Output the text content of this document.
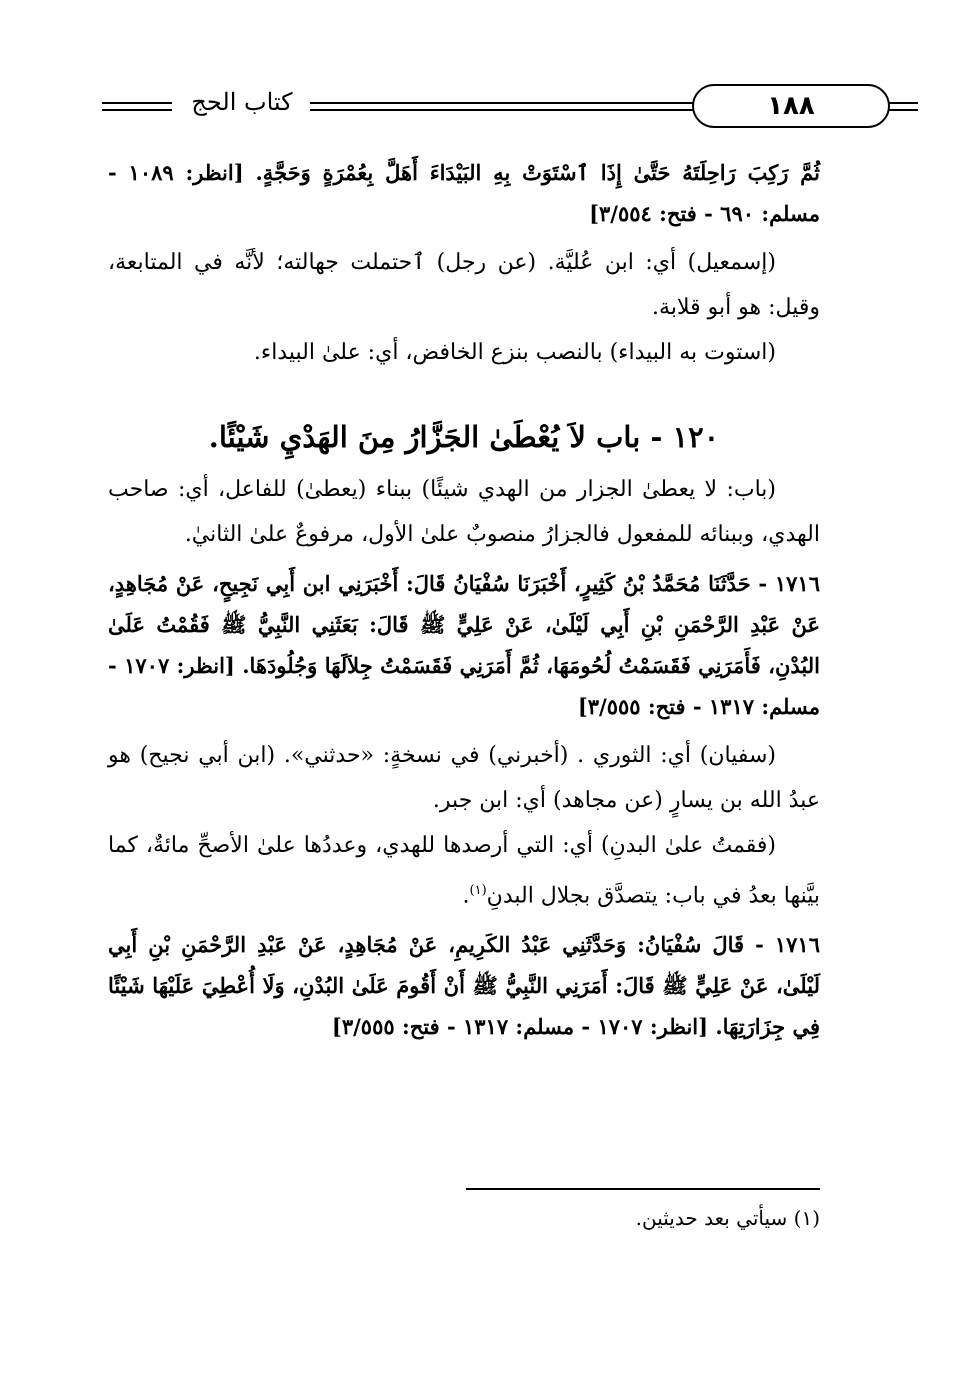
كتاب الحج	١٨٨

ثُمَّ رَكِبَ رَاحِلَتَهُ حَتَّىٰ إِذَا ٱسْتَوَتْ بِهِ البَيْدَاءَ أَهَلَّ بِعُمْرَةٍ وَحَجَّةٍ. [انظر: ١٠٨٩ - مسلم: ٦٩٠ - فتح: ٣/٥٥٤]

(إسمعيل) أي: ابن عُليَّة. (عن رجل) ٱحتملت جهالته؛ لأنَّه في المتابعة، وقيل: هو أبو قلابة.

(استوت به البيداء) بالنصب بنزع الخافض، أي: علىٰ البيداء.

١٢٠ - باب لاَ يُعْطَىٰ الجَزَّارُ مِنَ الهَدْيِ شَيْئًا.

(باب: لا يعطىٰ الجزار من الهدي شيئًا) ببناء (يعطىٰ) للفاعل، أي: صاحب الهدي، وببنائه للمفعول فالجزارُ منصوبٌ علىٰ الأول، مرفوعٌ علىٰ الثانيٰ.

١٧١٦ - حَدَّثَنَا مُحَمَّدُ بْنُ كَثِيرٍ، أَخْبَرَنَا سُفْيَانُ قَالَ: أَخْبَرَنِي ابن أَبِي نَجِيحٍ، عَنْ مُجَاهِدٍ، عَنْ عَبْدِ الرَّحْمَنِ بْنِ أَبِي لَيْلَىٰ، عَنْ عَلِيٍّ ﷺ قَالَ: بَعَثَنِي النَّبِيُّ ﷺ فَقُمْتُ عَلَىٰ البُدْنِ، فَأَمَرَنِي فَقَسَمْتُ لُحُومَهَا، ثُمَّ أَمَرَنِي فَقَسَمْتُ جِلاَلَهَا وَجُلُودَهَا. [انظر: ١٧٠٧ - مسلم: ١٣١٧ - فتح: ٣/٥٥٥]

(سفيان) أي: الثوري . (أخبرني) في نسخةٍ: «حدثني». (ابن أبي نجيح) هو عبدُ الله بن يسارٍ (عن مجاهد) أي: ابن جبر.

(فقمتُ علىٰ البدنِ) أي: التي أرصدها للهدي، وعددُها علىٰ الأصحِّ مائةٌ، كما بيَّنها بعدُ في باب: يتصدَّق بجلال البدنِ$^{(١)}$.

١٧١٦ - قَالَ سُفْيَانُ: وَحَدَّثَنِي عَبْدُ الكَرِيمِ، عَنْ مُجَاهِدٍ، عَنْ عَبْدِ الرَّحْمَنِ بْنِ أَبِي لَيْلَىٰ، عَنْ عَلِيٍّ ﷺ قَالَ: أَمَرَنِي النَّبِيُّ ﷺ أَنْ أَقُومَ عَلَىٰ البُدْنِ، وَلَا أُعْطِيَ عَلَيْهَا شَيْئًا فِي جِزَارَتِهَا. [انظر: ١٧٠٧ - مسلم: ١٣١٧ - فتح: ٣/٥٥٥]

(١) سيأتي بعد حديثين.
